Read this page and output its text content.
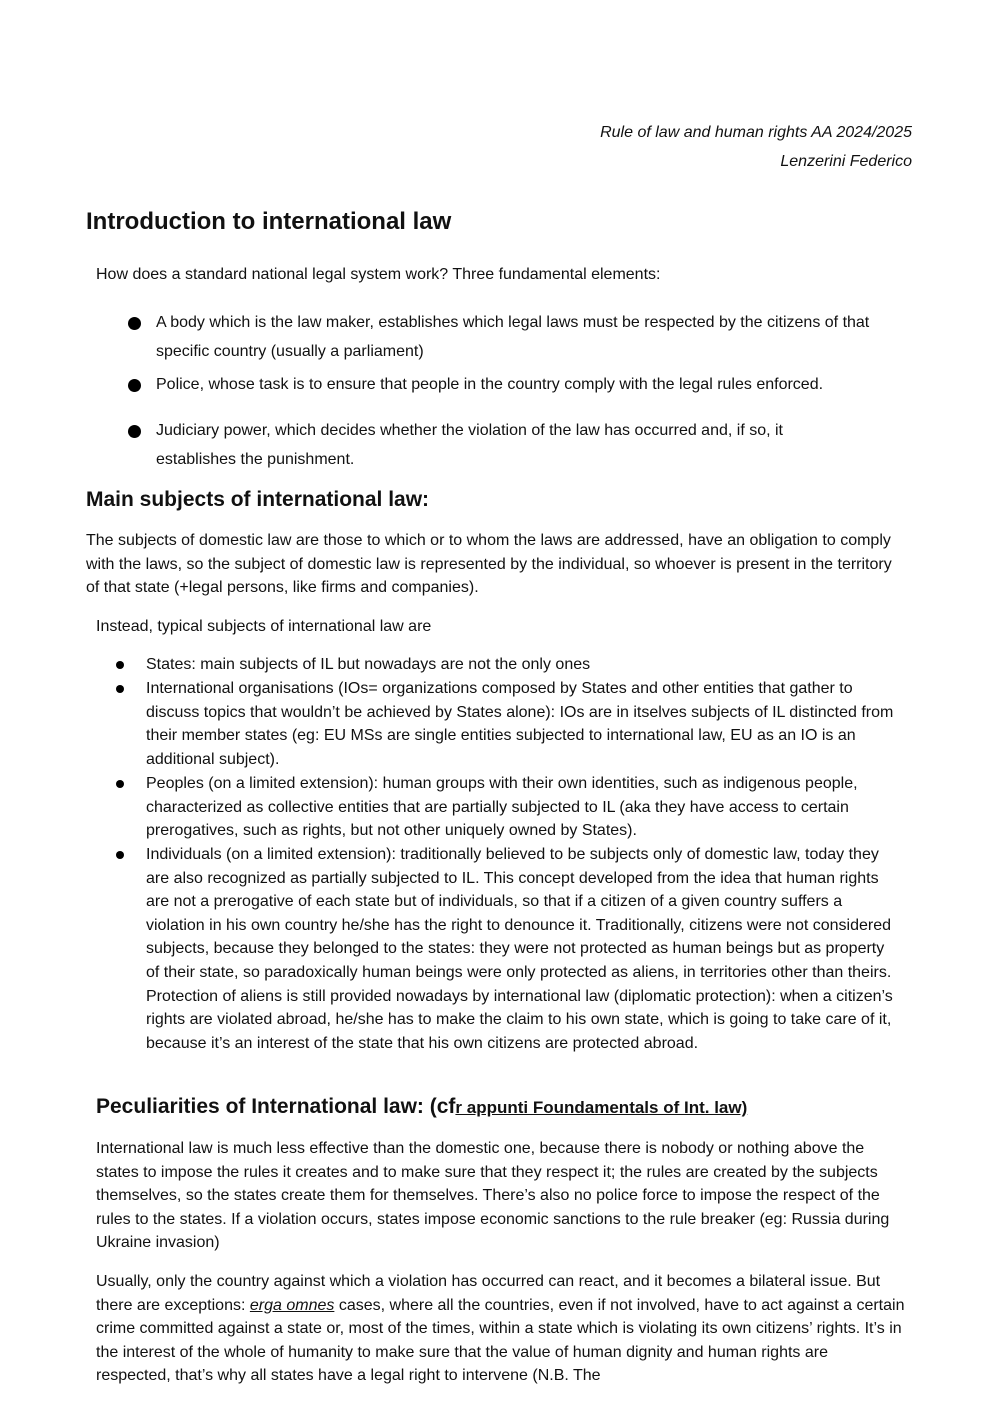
Rule of law and human rights AA 2024/2025
Lenzerini Federico
Introduction to international law

How does a standard national legal system work? Three fundamental elements:

A body which is the law maker, establishes which legal laws must be respected by the citizens of that specific country (usually a parliament)
Police, whose task is to ensure that people in the country comply with the legal rules enforced.
Judiciary power, which decides whether the violation of the law has occurred and, if so, it establishes the punishment.
Main subjects of international law:

The subjects of domestic law are those to which or to whom the laws are addressed, have an obligation to comply with the laws, so the subject of domestic law is represented by the individual, so whoever is present in the territory of that state (+legal persons, like firms and companies).

Instead, typical subjects of international law are

States: main subjects of IL but nowadays are not the only ones
International organisations (IOs= organizations composed by States and other entities that gather to discuss topics that wouldn’t be achieved by States alone): IOs are in itselves subjects of IL distincted from their member states (eg: EU MSs are single entities subjected to international law, EU as an IO is an additional subject).
Peoples (on a limited extension): human groups with their own identities, such as indigenous people, characterized as collective entities that are partially subjected to IL (aka they have access to certain prerogatives, such as rights, but not other uniquely owned by States).
Individuals (on a limited extension): traditionally believed to be subjects only of domestic law, today they are also recognized as partially subjected to IL. This concept developed from the idea that human rights are not a prerogative of each state but of individuals, so that if a citizen of a given country suffers a violation in his own country he/she has the right to denounce it. Traditionally, citizens were not considered subjects, because they belonged to the states: they were not protected as human beings but as property of their state, so paradoxically human beings were only protected as aliens, in territories other than theirs. Protection of aliens is still provided nowadays by international law (diplomatic protection): when a citizen’s rights are violated abroad, he/she has to make the claim to his own state, which is going to take care of it, because it’s an interest of the state that his own citizens are protected abroad.
Peculiarities of International law: (cfr appunti Foundamentals of Int. law)

International law is much less effective than the domestic one, because there is nobody or nothing above the states to impose the rules it creates and to make sure that they respect it; the rules are created by the subjects themselves, so the states create them for themselves. There’s also no police force to impose the respect of the rules to the states. If a violation occurs, states impose economic sanctions to the rule breaker (eg: Russia during Ukraine invasion)

Usually, only the country against which a violation has occurred can react, and it becomes a bilateral issue. But there are exceptions: erga omnes cases, where all the countries, even if not involved, have to act against a certain crime committed against a state or, most of the times, within a state which is violating its own citizens’ rights. It’s in the interest of the whole of humanity to make sure that the value of human dignity and human rights are respected, that’s why all states have a legal right to intervene (N.B. The
